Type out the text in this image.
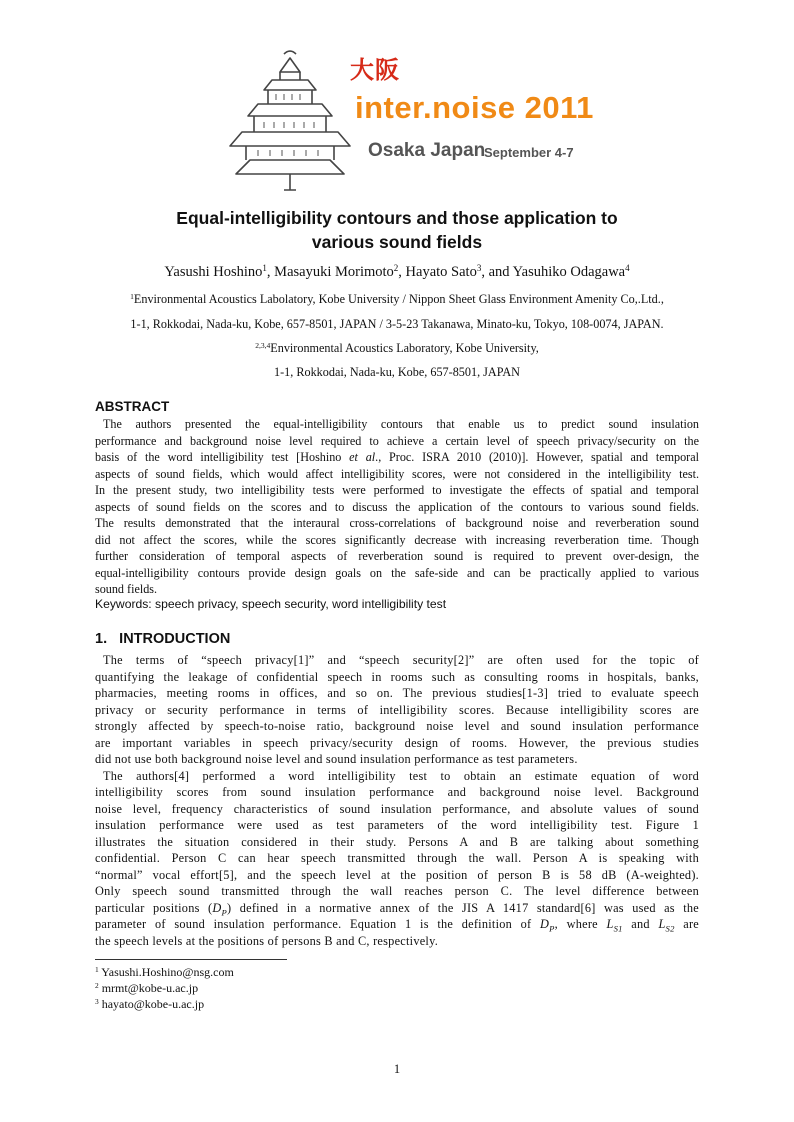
大阪
inter.noise 2011
Osaka Japan
September 4-7
Equal-intelligibility contours and those application to
various sound fields
Yasushi Hoshino$^1$, Masayuki Morimoto$^2$, Hayato Sato$^3$, and Yasuhiko Odagawa$^4$
$^1$Environmental Acoustics Labolatory, Kobe University / Nippon Sheet Glass Environment Amenity Co,.Ltd.,
1-1, Rokkodai, Nada-ku, Kobe, 657-8501, JAPAN / 3-5-23 Takanawa, Minato-ku, Tokyo, 108-0074, JAPAN.
$^{2,3,4}$Environmental Acoustics Laboratory, Kobe University,
1-1, Rokkodai, Nada-ku, Kobe, 657-8501, JAPAN
ABSTRACT
The authors presented the equal-intelligibility contours that enable us to predict sound insulation
performance and background noise level required to achieve a certain level of speech privacy/security on the
basis of the word intelligibility test [Hoshino et al., Proc. ISRA 2010 (2010)]. However, spatial and temporal
aspects of sound fields, which would affect intelligibility scores, were not considered in the intelligibility test.
In the present study, two intelligibility tests were performed to investigate the effects of spatial and temporal
aspects of sound fields on the scores and to discuss the application of the contours to various sound fields.
The results demonstrated that the interaural cross-correlations of background noise and reverberation sound
did not affect the scores, while the scores significantly decrease with increasing reverberation time. Though
further consideration of temporal aspects of reverberation sound is required to prevent over-design, the
equal-intelligibility contours provide design goals on the safe-side and can be practically applied to various
sound fields.
Keywords: speech privacy, speech security, word intelligibility test
1.   INTRODUCTION
The terms of “speech privacy[1]” and “speech security[2]” are often used for the topic of
quantifying the leakage of confidential speech in rooms such as consulting rooms in hospitals, banks,
pharmacies, meeting rooms in offices, and so on. The previous studies[1-3] tried to evaluate speech
privacy or security performance in terms of intelligibility scores. Because intelligibility scores are
strongly affected by speech-to-noise ratio, background noise level and sound insulation performance
are important variables in speech privacy/security design of rooms. However, the previous studies
did not use both background noise level and sound insulation performance as test parameters.
The authors[4] performed a word intelligibility test to obtain an estimate equation of word
intelligibility scores from sound insulation performance and background noise level. Background
noise level, frequency characteristics of sound insulation performance, and absolute values of sound
insulation performance were used as test parameters of the word intelligibility test. Figure 1
illustrates the situation considered in their study. Persons A and B are talking about something
confidential. Person C can hear speech transmitted through the wall. Person A is speaking with
“normal” vocal effort[5], and the speech level at the position of person B is 58 dB (A-weighted).
Only speech sound transmitted through the wall reaches person C. The level difference between
particular positions $(D_P)$ defined in a normative annex of the JIS A 1417 standard[6] was used as the
parameter of sound insulation performance. Equation 1 is the definition of $D_P$, where $L_{S1}$ and $L_{S2}$ are
the speech levels at the positions of persons B and C, respectively.
$^1$ Yasushi.Hoshino@nsg.com
$^2$ mrmt@kobe-u.ac.jp
$^3$ hayato@kobe-u.ac.jp
1
